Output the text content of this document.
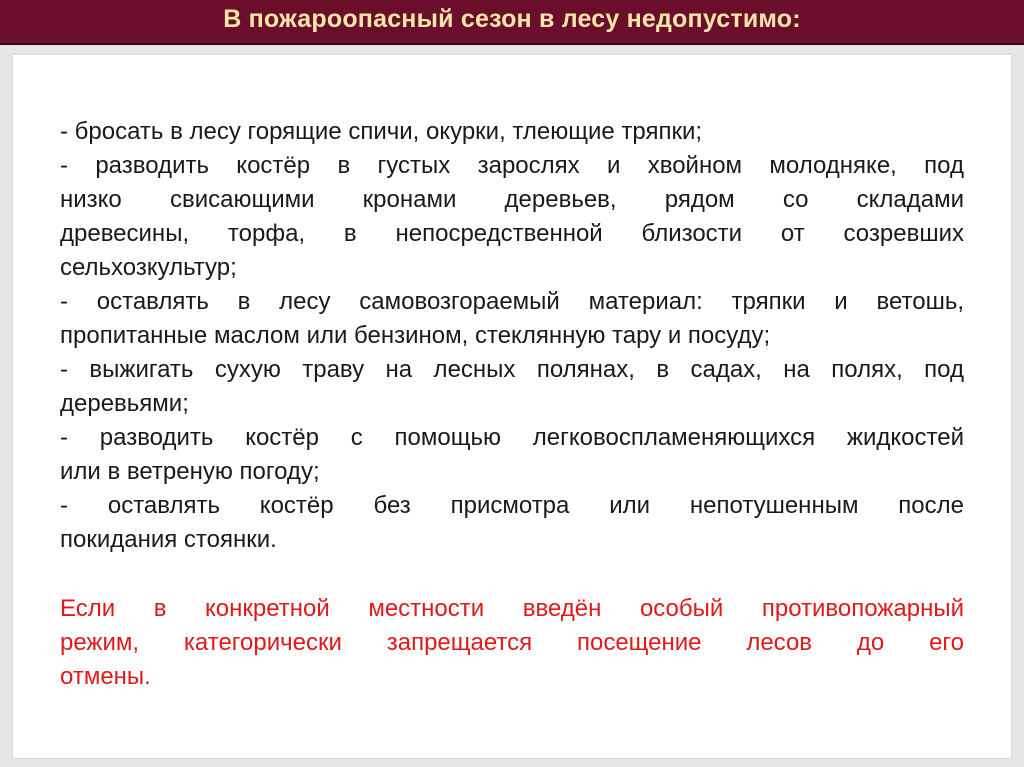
В пожароопасный сезон в лесу недопустимо:
- бросать в лесу горящие спичи, окурки, тлеющие тряпки;
- разводить костёр в густых зарослях и хвойном молодняке, под
низко свисающими кронами деревьев, рядом со складами
древесины, торфа, в непосредственной близости от созревших
сельхозкультур;
- оставлять в лесу самовозгораемый материал: тряпки и ветошь,
пропитанные маслом или бензином, стеклянную тару и посуду;
- выжигать сухую траву на лесных полянах, в садах, на полях, под
деревьями;
- разводить костёр с помощью легковоспламеняющихся жидкостей
или в ветреную погоду;
- оставлять костёр без присмотра или непотушенным после
покидания стоянки.
Если в конкретной местности введён особый противопожарный
режим, категорически запрещается посещение лесов до его
отмены.
